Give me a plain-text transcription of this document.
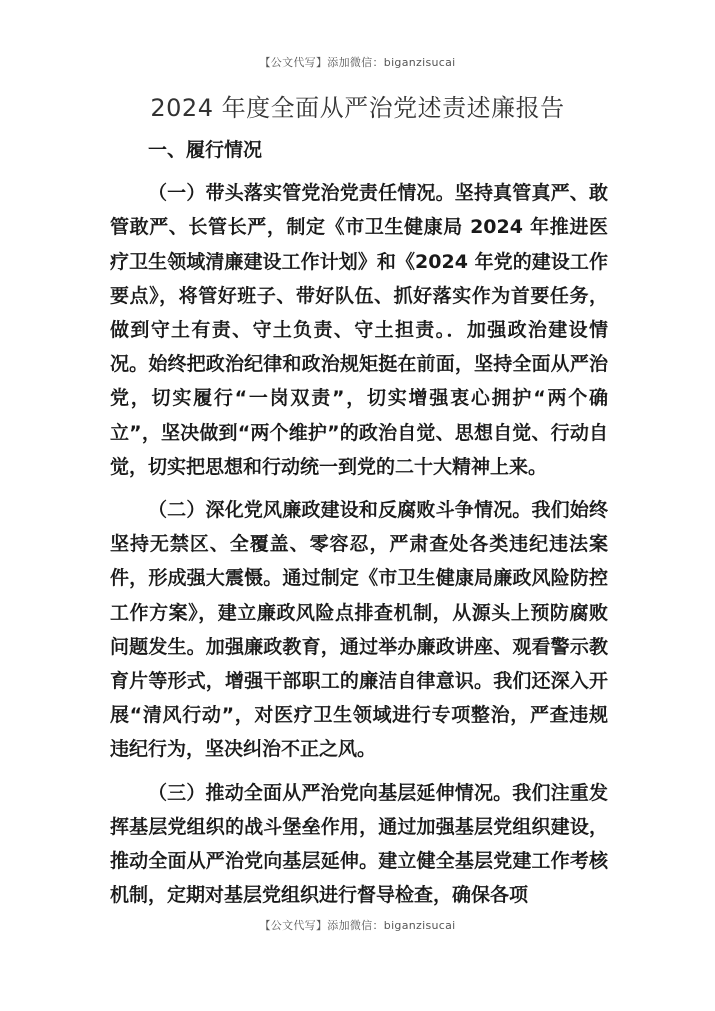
【公文代写】添加微信：biganzisucai
2024 年度全面从严治党述责述廉报告

一、履行情况

（一）带头落实管党治党责任情况。坚持真管真严、敢管敢严、长管长严，制定《市卫生健康局 2024 年推进医疗卫生领域清廉建设工作计划》和《2024 年党的建设工作要点》，将管好班子、带好队伍、抓好落实作为首要任务，做到守土有责、守土负责、守土担责。．加强政治建设情况。始终把政治纪律和政治规矩挺在前面，坚持全面从严治党，切实履行“一岗双责”，切实增强衷心拥护“两个确立”，坚决做到“两个维护”的政治自觉、思想自觉、行动自觉，切实把思想和行动统一到党的二十大精神上来。

（二）深化党风廉政建设和反腐败斗争情况。我们始终坚持无禁区、全覆盖、零容忍，严肃查处各类违纪违法案件，形成强大震慑。通过制定《市卫生健康局廉政风险防控工作方案》，建立廉政风险点排查机制，从源头上预防腐败问题发生。加强廉政教育，通过举办廉政讲座、观看警示教育片等形式，增强干部职工的廉洁自律意识。我们还深入开展“清风行动”，对医疗卫生领域进行专项整治，严查违规违纪行为，坚决纠治不正之风。

（三）推动全面从严治党向基层延伸情况。我们注重发挥基层党组织的战斗堡垒作用，通过加强基层党组织建设，推动全面从严治党向基层延伸。建立健全基层党建工作考核机制，定期对基层党组织进行督导检查，确保各项

【公文代写】添加微信：biganzisucai
